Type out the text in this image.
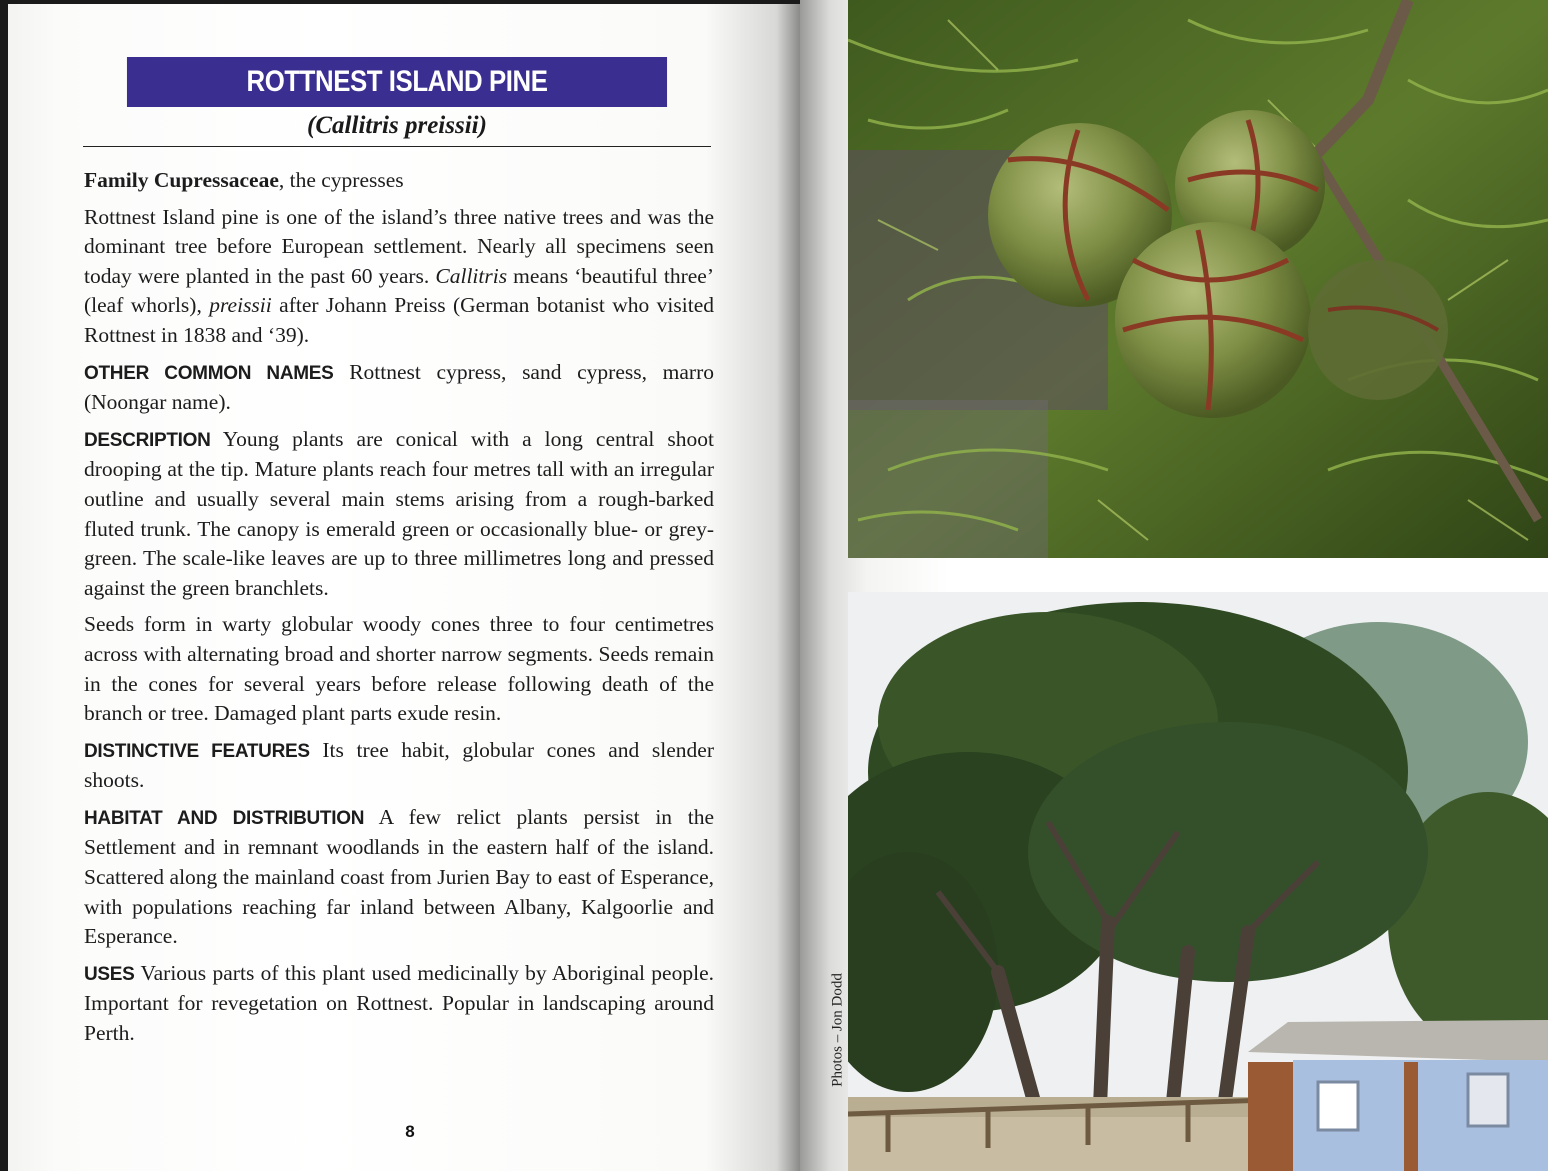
ROTTNEST ISLAND PINE
(Callitris preissii)

Family Cupressaceae, the cypresses

Rottnest Island pine is one of the island’s three native trees and was the dominant tree before European settlement. Nearly all specimens seen today were planted in the past 60 years. Callitris means ‘beautiful three’ (leaf whorls), preissii after Johann Preiss (German botanist who visited Rottnest in 1838 and ‘39).

OTHER COMMON NAMES Rottnest cypress, sand cypress, marro (Noongar name).

DESCRIPTION Young plants are conical with a long central shoot drooping at the tip. Mature plants reach four metres tall with an irregular outline and usually several main stems arising from a rough-barked fluted trunk. The canopy is emerald green or occasionally blue- or grey-green. The scale-like leaves are up to three millimetres long and pressed against the green branchlets.

Seeds form in warty globular woody cones three to four centimetres across with alternating broad and shorter narrow segments. Seeds remain in the cones for several years before release following death of the branch or tree. Damaged plant parts exude resin.

DISTINCTIVE FEATURES Its tree habit, globular cones and slender shoots.

HABITAT AND DISTRIBUTION A few relict plants persist in the Settlement and in remnant woodlands in the eastern half of the island. Scattered along the mainland coast from Jurien Bay to east of Esperance, with populations reaching far inland between Albany, Kalgoorlie and Esperance.

USES Various parts of this plant used medicinally by Aboriginal people. Important for revegetation on Rottnest. Popular in landscaping around Perth.

8
Photos – Jon Dodd
